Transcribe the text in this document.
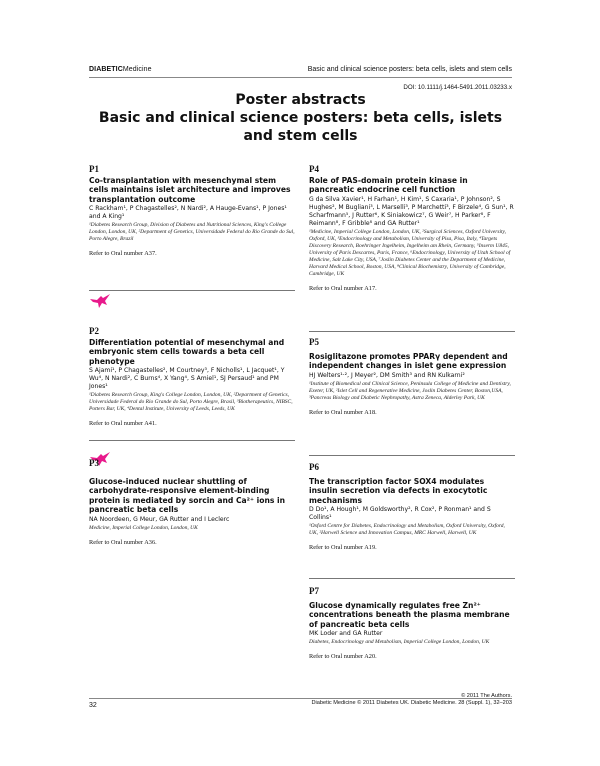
DIABETICMedicine	Basic and clinical science posters: beta cells, islets and stem cells
DOI: 10.1111/j.1464-5491.2011.03233.x
Poster abstracts
Basic and clinical science posters: beta cells, islets and stem cells
P1
Co-transplantation with mesenchymal stem cells maintains islet architecture and improves transplantation outcome
C Rackham¹, P Chagastelles², N Nardi², A Hauge-Evans¹, P Jones¹ and A King¹
¹Diabetes Research Group, Division of Diabetes and Nutritional Sciences, King's College London, London, UK, ²Department of Genetics, Universidade Federal do Rio Grande do Sul, Porto Alegre, Brazil
Refer to Oral number A37.
P2
Differentiation potential of mesenchymal and embryonic stem cells towards a beta cell phenotype
S Ajami¹, P Chagastelles², M Courtney³, F Nicholls¹, L Jacquet¹, Y Wu⁴, N Nardi², C Burns⁴, X Yang⁴, S Amiel¹, SJ Persaud¹ and PM Jones¹
¹Diabetes Research Group, King's College London, London, UK, ²Department of Genetics, Universidade Federal do Rio Grande do Sul, Porto Alegre, Brasil, ³Biotherapeutics, NIBSC, Potters Bar, UK, ⁴Dental Institute, University of Leeds, Leeds, UK
Refer to Oral number A41.
P3
Glucose-induced nuclear shuttling of carbohydrate-responsive element-binding protein is mediated by sorcin and Ca²⁺ ions in pancreatic beta cells
NA Noordeen, G Meur, GA Rutter and I Leclerc
Medicine, Imperial College London, London, UK
Refer to Oral number A36.
P4
Role of PAS-domain protein kinase in pancreatic endocrine cell function
G da Silva Xavier¹, H Farhan¹, H Kim¹, S Caxaria¹, P Johnson², S Hughes², M Bugliani³, L Marselli³, P Marchetti³, F Birzele⁴, G Sun¹, R Scharfmann⁵, J Rutter⁶, K Siniakowicz⁷, G Weir⁷, H Parker⁸, F Reimann⁸, F Gribble⁸ and GA Rutter¹
¹Medicine, Imperial College London, London, UK, ²Surgical Sciences, Oxford University, Oxford, UK, ³Endocrinology and Metabolism, University of Pisa, Pisa, Italy, ⁴Targets Discovery Research, Boehringer Ingelheim, Ingelheim am Rhein, Germany, ⁵Inserm U845, University of Paris Descartes, Paris, France, ⁶Endocrinology, University of Utah School of Medicine, Salt Lake City, USA, ⁷Joslin Diabetes Center and the Department of Medicine, Harvard Medical School, Boston, USA, ⁸Clinical Biochemistry, University of Cambridge, Cambridge, UK
Refer to Oral number A17.
P5
Rosiglitazone promotes PPARγ dependent and independent changes in islet gene expression
HJ Welters¹·², J Meyer², DM Smith³ and RN Kulkarni²
¹Institute of Biomedical and Clinical Science, Peninsula College of Medicine and Dentistry, Exeter, UK, ²Islet Cell and Regenerative Medicine, Joslin Diabetes Center, Boston,USA, ³Pancreas Biology and Diabetic Nephropathy, Astra Zeneca, Alderley Park, UK
Refer to Oral number A18.
P6
The transcription factor SOX4 modulates insulin secretion via defects in exocytotic mechanisms
D Do¹, A Hough¹, M Goldsworthy², R Cox², P Ronman¹ and S Collins¹
¹Oxford Centre for Diabetes, Endocrinology and Metabolism, Oxford University, Oxford, UK, ²Harwell Science and Innovation Campus, MRC Harwell, Harwell, UK
Refer to Oral number A19.
P7
Glucose dynamically regulates free Zn²⁺ concentrations beneath the plasma membrane of pancreatic beta cells
MK Loder and GA Rutter
Diabetes, Endocrinology and Metabolism, Imperial College London, London, UK
Refer to Oral number A20.
© 2011 The Authors.
Diabetic Medicine © 2011 Diabetes UK. Diabetic Medicine. 28 (Suppl. 1), 32–203
32
